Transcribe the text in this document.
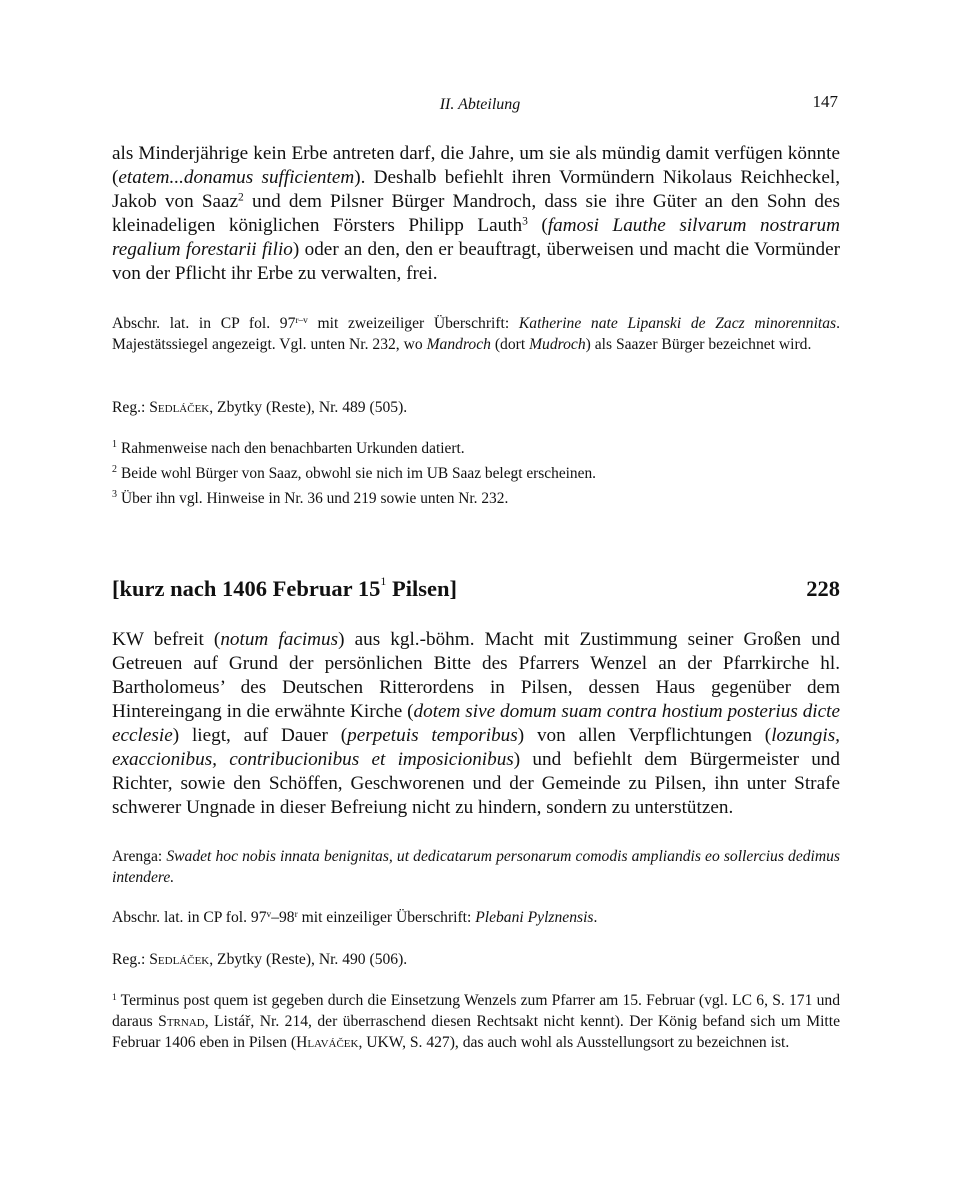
II. Abteilung	147
als Minderjährige kein Erbe antreten darf, die Jahre, um sie als mündig damit verfügen könnte (etatem...donamus sufficientem). Deshalb befiehlt ihren Vormündern Nikolaus Reichheckel, Jakob von Saaz$^2$ und dem Pilsner Bürger Mandroch, dass sie ihre Güter an den Sohn des kleinadeligen königlichen Försters Philipp Lauth$^3$ (famosi Lauthe silvarum nostrarum regalium forestarii filio) oder an den, den er beauftragt, überweisen und macht die Vormünder von der Pflicht ihr Erbe zu verwalten, frei.
Abschr. lat. in CP fol. 97$^{r-v}$ mit zweizeiliger Überschrift: Katherine nate Lipanski de Zacz minorennitas. Majestätssiegel angezeigt. Vgl. unten Nr. 232, wo Mandroch (dort Mudroch) als Saazer Bürger bezeichnet wird.
Reg.: Sedláček, Zbytky (Reste), Nr. 489 (505).
$^1$ Rahmenweise nach den benachbarten Urkunden datiert.
$^2$ Beide wohl Bürger von Saaz, obwohl sie nich im UB Saaz belegt erscheinen.
$^3$ Über ihn vgl. Hinweise in Nr. 36 und 219 sowie unten Nr. 232.
[kurz nach 1406 Februar $15^1$ Pilsen]	228
KW befreit (notum facimus) aus kgl.-böhm. Macht mit Zustimmung seiner Großen und Getreuen auf Grund der persönlichen Bitte des Pfarrers Wenzel an der Pfarrkirche hl. Bartholomeus’ des Deutschen Ritterordens in Pilsen, dessen Haus gegenüber dem Hintereingang in die erwähnte Kirche (dotem sive domum suam contra hostium posterius dicte ecclesie) liegt, auf Dauer (perpetuis temporibus) von allen Verpflichtungen (lozungis, exaccionibus, contribucionibus et imposicionibus) und befiehlt dem Bürgermeister und Richter, sowie den Schöffen, Geschworenen und der Gemeinde zu Pilsen, ihn unter Strafe schwerer Ungnade in dieser Befreiung nicht zu hindern, sondern zu unterstützen.
Arenga: Swadet hoc nobis innata benignitas, ut dedicatarum personarum comodis ampliandis eo sollercius dedimus intendere.
Abschr. lat. in CP fol. 97$^v$–98$^r$ mit einzeiliger Überschrift: Plebani Pylznensis.
Reg.: Sedláček, Zbytky (Reste), Nr. 490 (506).
$^1$ Terminus post quem ist gegeben durch die Einsetzung Wenzels zum Pfarrer am 15. Februar (vgl. LC 6, S. 171 und daraus Strnad, Listář, Nr. 214, der überraschend diesen Rechtsakt nicht kennt). Der König befand sich um Mitte Februar 1406 eben in Pilsen (Hlaváček, UKW, S. 427), das auch wohl als Ausstellungsort zu bezeichnen ist.
